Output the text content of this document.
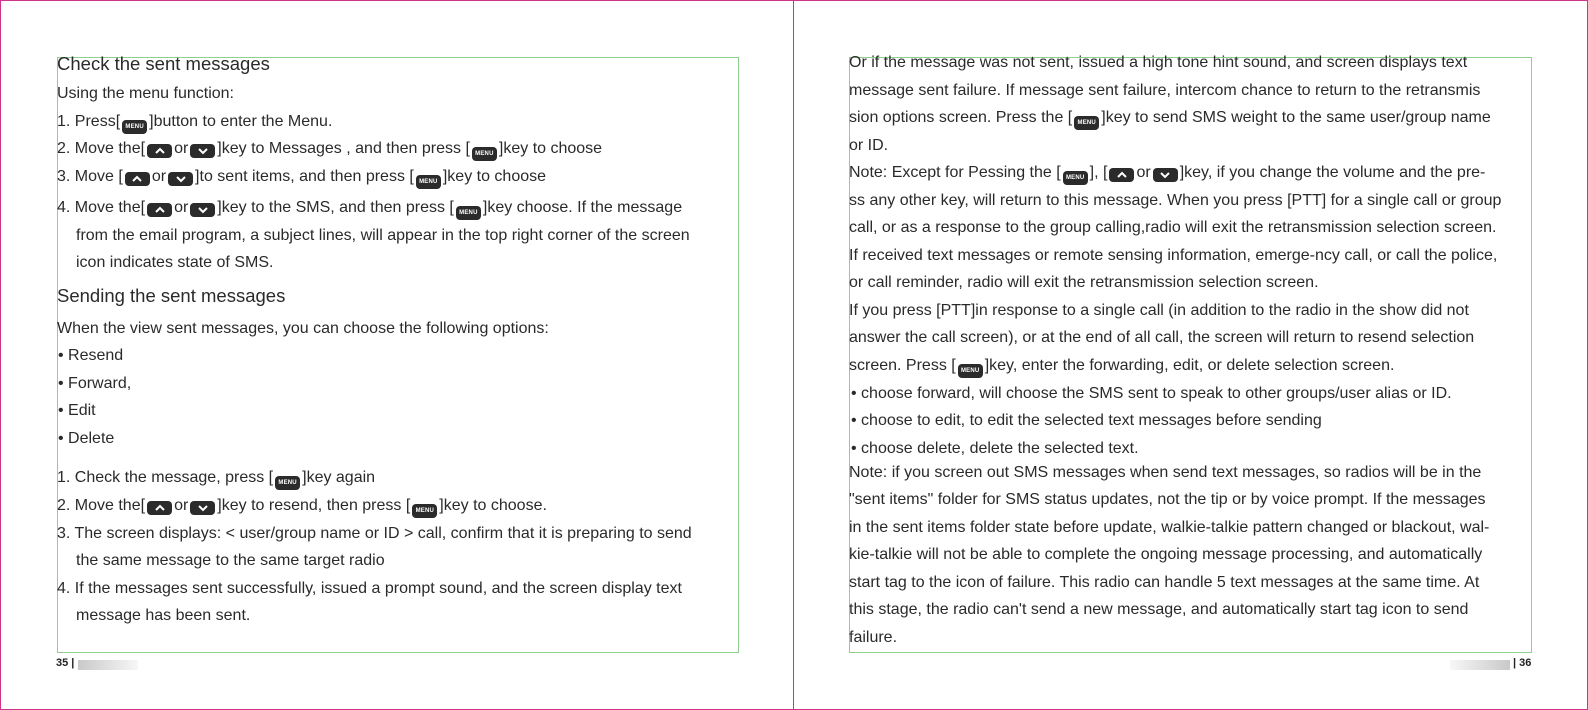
Check the sent messages
Using the menu function:
1. Press[ MENU ]button to enter the Menu.
2. Move the[ or ]key to Messages , and then press [ MENU ]key to choose
3. Move [ or ]to sent items, and then press [ MENU ]key to choose
4. Move the[ or ]key to the SMS, and then press [ MENU ]key choose. If the message
from the email program, a subject lines, will appear in the top right corner of the screen
icon indicates state of SMS.
Sending the sent messages
When the view sent messages, you can choose the following options:
• Resend
• Forward,
• Edit
• Delete
1. Check the message, press [ MENU ]key again
2. Move the[ or ]key to resend, then press [ MENU ]key to choose.
3. The screen displays: < user/group name or ID > call, confirm that it is preparing to send
the same message to the same target radio
4. If the messages sent successfully, issued a prompt sound, and the screen display text
message has been sent.
35 |
Or if the message was not sent, issued a high tone hint sound, and screen displays text
message sent failure. If message sent failure, intercom chance to return to the retransmis
sion options screen. Press the [ MENU ]key to send SMS weight to the same user/group name
or ID.
Note: Except for Pessing the [ MENU ], [ or ]key, if you change the volume and the pre-
ss any other key, will return to this message. When you press [PTT] for a single call or group
call, or as a response to the group calling,radio will exit the retransmission selection screen.
If received text messages or remote sensing information, emerge-ncy call, or call the police,
or call reminder, radio will exit the retransmission selection screen.
If you press [PTT]in response to a single call (in addition to the radio in the show did not
answer the call screen), or at the end of all call, the screen will return to resend selection
screen. Press [ MENU ]key, enter the forwarding, edit, or delete selection screen.
• choose forward, will choose the SMS sent to speak to other groups/user alias or ID.
• choose to edit, to edit the selected text messages before sending
• choose delete, delete the selected text.
Note: if you screen out SMS messages when send text messages, so radios will be in the
"sent items" folder for SMS status updates, not the tip or by voice prompt. If the messages
in the sent items folder state before update, walkie-talkie pattern changed or blackout, wal-
kie-talkie will not be able to complete the ongoing message processing, and automatically
start tag to the icon of failure. This radio can handle 5 text messages at the same time. At
this stage, the radio can't send a new message, and automatically start tag icon to send
failure.
| 36
